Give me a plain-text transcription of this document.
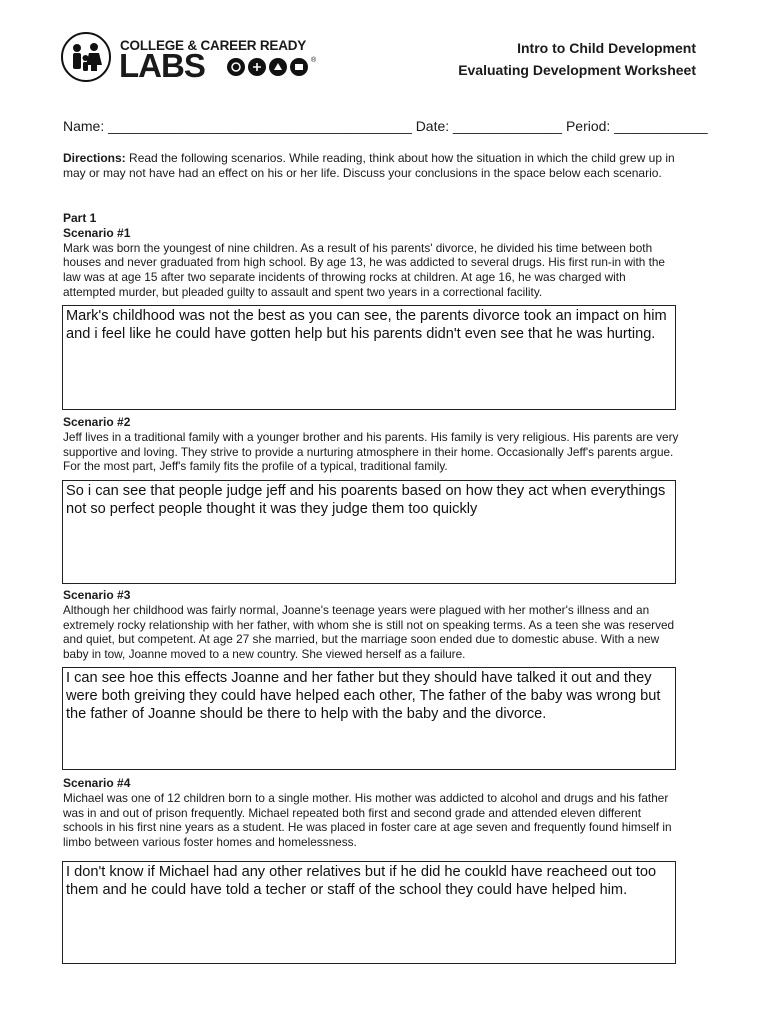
COLLEGE & CAREER READY
LABS	®
Intro to Child Development
Evaluating Development Worksheet
Name: _______________________________________ Date: ______________ Period: ____________
Directions: Read the following scenarios. While reading, think about how the situation in which the child grew up in may or may not have had an effect on his or her life. Discuss your conclusions in the space below each scenario.
Part 1
Scenario #1
Mark was born the youngest of nine children. As a result of his parents' divorce, he divided his time between both houses and never graduated from high school. By age 13, he was addicted to several drugs. His first run-in with the law was at age 15 after two separate incidents of throwing rocks at children. At age 16, he was charged with attempted murder, but pleaded guilty to assault and spent two years in a correctional facility.
Mark's childhood was not the best as you can see, the parents divorce took an impact on him and i feel like he could have gotten help but his parents didn't even see that he was hurting.
Scenario #2
Jeff lives in a traditional family with a younger brother and his parents. His family is very religious. His parents are very supportive and loving. They strive to provide a nurturing atmosphere in their home. Occasionally Jeff's parents argue. For the most part, Jeff's family fits the profile of a typical, traditional family.
So i can see that people judge jeff and his poarents based on how they act when everythings not so perfect people thought it was they judge them too quickly
Scenario #3
Although her childhood was fairly normal, Joanne's teenage years were plagued with her mother's illness and an extremely rocky relationship with her father, with whom she is still not on speaking terms. As a teen she was reserved and quiet, but competent. At age 27 she married, but the marriage soon ended due to domestic abuse. With a new baby in tow, Joanne moved to a new country. She viewed herself as a failure.
I can see hoe this effects Joanne and her father but they should have talked it out and they were both greiving they could have helped each other, The father of the baby was wrong but the father of Joanne should be there to help with the baby and the divorce.
Scenario #4
Michael was one of 12 children born to a single mother. His mother was addicted to alcohol and drugs and his father was in and out of prison frequently. Michael repeated both first and second grade and attended eleven different schools in his first nine years as a student. He was placed in foster care at age seven and frequently found himself in limbo between various foster homes and homelessness.
I don't know if Michael had any other relatives but if he did he coukld have reacheed out too them and he could have told a techer or staff of the school they could have helped him.
